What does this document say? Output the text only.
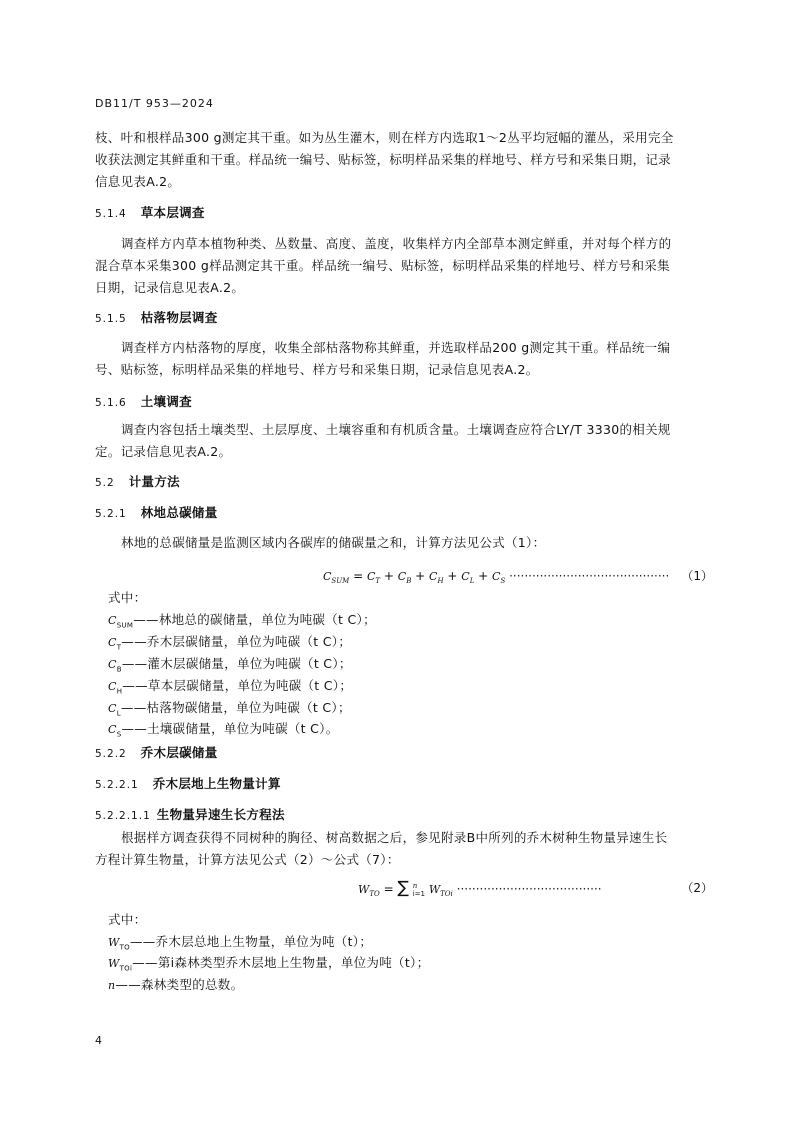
DB11/T 953—2024
枝、叶和根样品300 g测定其干重。如为丛生灌木，则在样方内选取1～2丛平均冠幅的灌丛，采用完全
收获法测定其鲜重和干重。样品统一编号、贴标签，标明样品采集的样地号、样方号和采集日期，记录
信息见表A.2。
5.1.4 草本层调查
调查样方内草本植物种类、丛数量、高度、盖度，收集样方内全部草本测定鲜重，并对每个样方的
混合草本采集300 g样品测定其干重。样品统一编号、贴标签，标明样品采集的样地号、样方号和采集
日期，记录信息见表A.2。
5.1.5 枯落物层调查
调查样方内枯落物的厚度，收集全部枯落物称其鲜重，并选取样品200 g测定其干重。样品统一编
号、贴标签，标明样品采集的样地号、样方号和采集日期，记录信息见表A.2。
5.1.6 土壤调查
调查内容包括土壤类型、土层厚度、土壤容重和有机质含量。土壤调查应符合LY/T 3330的相关规
定。记录信息见表A.2。
5.2 计量方法
5.2.1 林地总碳储量
林地的总碳储量是监测区域内各碳库的储碳量之和，计算方法见公式（1）：
$C_{SUM} = C_T + C_B + C_H + C_L + C_S$ ·········································· （1）
式中：
$C_{SUM}——$林地总的碳储量，单位为吨碳（t C）；
$C_T——$乔木层碳储量，单位为吨碳（t C）；
$C_B——$灌木层碳储量，单位为吨碳（t C）；
$C_H——$草本层碳储量，单位为吨碳（t C）；
$C_L——$枯落物碳储量，单位为吨碳（t C）；
$C_S——$土壤碳储量，单位为吨碳（t C）。
5.2.2 乔木层碳储量
5.2.2.1 乔木层地上生物量计算
5.2.2.1.1 生物量异速生长方程法
根据样方调查获得不同树种的胸径、树高数据之后，参见附录B中所列的乔木树种生物量异速生长
方程计算生物量，计算方法见公式（2）～公式（7）：
$W_{TO}$ = ∑ n
i=1 $W_{TOi}$ ······································	（2）
式中：
$W_{TO}——$乔木层总地上生物量，单位为吨（t）；
$W_{TOi}——$第i森林类型乔木层地上生物量，单位为吨（t）；
n——森林类型的总数。
4
